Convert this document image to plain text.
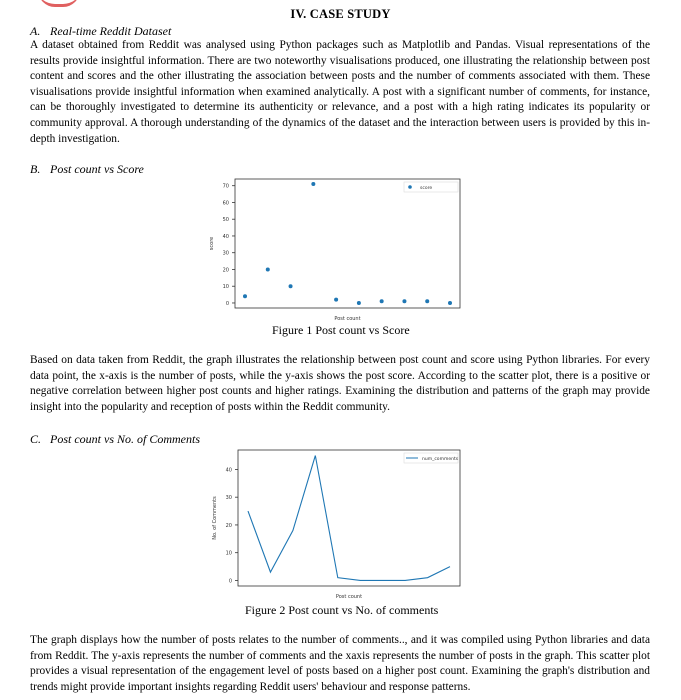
IV. CASE STUDY
A. Real-time Reddit Dataset
A dataset obtained from Reddit was analysed using Python packages such as Matplotlib and Pandas. Visual representations of the results provide insightful information. There are two noteworthy visualisations produced, one illustrating the relationship between post content and scores and the other illustrating the association between posts and the number of comments associated with them. These visualisations provide insightful information when examined analytically. A post with a significant number of comments, for instance, can be thoroughly investigated to determine its authenticity or relevance, and a post with a high rating indicates its popularity or community approval. A thorough understanding of the dynamics of the dataset and the interaction between users is provided by this in-depth investigation.
B. Post count vs Score
0
10
20
30
40
50
60
70
Post count
score
score
Figure 1 Post count vs Score
Based on data taken from Reddit, the graph illustrates the relationship between post count and score using Python libraries. For every data point, the x-axis is the number of posts, while the y-axis shows the post score. According to the scatter plot, there is a positive or negative correlation between higher post counts and higher ratings. Examining the distribution and patterns of the graph may provide insight into the popularity and reception of posts within the Reddit community.
C. Post count vs No. of Comments
0
10
20
30
40
Post count
No. of Comments
num_comments
Figure 2 Post count vs No. of comments
The graph displays how the number of posts relates to the number of comments.., and it was compiled using Python libraries and data from Reddit. The y-axis represents the number of comments and the xaxis represents the number of posts in the graph. This scatter plot provides a visual representation of the engagement level of posts based on a higher post count. Examining the graph's distribution and trends might provide important insights regarding Reddit users' behaviour and response patterns.
